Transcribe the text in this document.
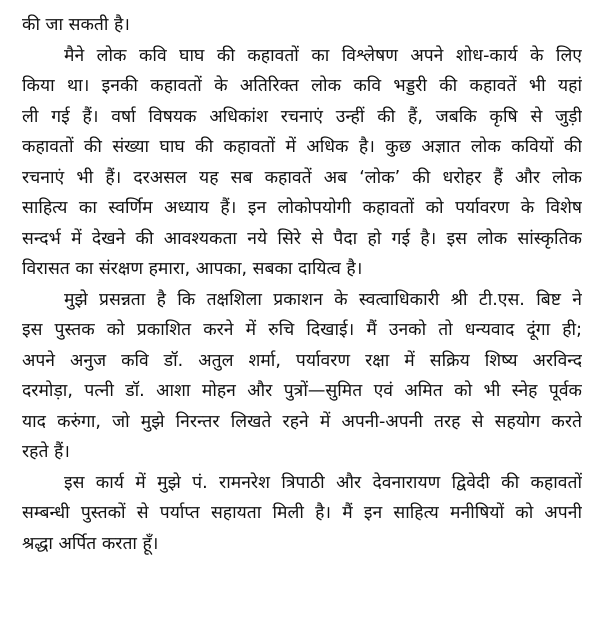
की जा सकती है।
मैने लोक कवि घाघ की कहावतों का विश्लेषण अपने शोध-कार्य के लिए
किया था। इनकी कहावतों के अतिरिक्त लोक कवि भड्डरी की कहावतें भी यहां
ली गई हैं। वर्षा विषयक अधिकांश रचनाएं उन्हीं की हैं, जबकि कृषि से जुड़ी
कहावतों की संख्या घाघ की कहावतों में अधिक है। कुछ अज्ञात लोक कवियों की
रचनाएं भी हैं। दरअसल यह सब कहावतें अब ‘लोक’ की धरोहर हैं और लोक
साहित्य का स्वर्णिम अध्याय हैं। इन लोकोपयोगी कहावतों को पर्यावरण के विशेष
सन्दर्भ में देखने की आवश्यकता नये सिरे से पैदा हो गई है। इस लोक सांस्कृतिक
विरासत का संरक्षण हमारा, आपका, सबका दायित्व है।
मुझे प्रसन्नता है कि तक्षशिला प्रकाशन के स्वत्वाधिकारी श्री टी.एस. बिष्ट ने
इस पुस्तक को प्रकाशित करने में रुचि दिखाई। मैं उनको तो धन्यवाद दूंगा ही;
अपने अनुज कवि डॉ. अतुल शर्मा, पर्यावरण रक्षा में सक्रिय शिष्य अरविन्द
दरमोड़ा, पत्नी डॉ. आशा मोहन और पुत्रों—सुमित एवं अमित को भी स्नेह पूर्वक
याद करुंगा, जो मुझे निरन्तर लिखते रहने में अपनी-अपनी तरह से सहयोग करते
रहते हैं।
इस कार्य में मुझे पं. रामनरेश त्रिपाठी और देवनारायण द्विवेदी की कहावतों
सम्बन्धी पुस्तकों से पर्याप्त सहायता मिली है। मैं इन साहित्य मनीषियों को अपनी
श्रद्धा अर्पित करता हूँ।
